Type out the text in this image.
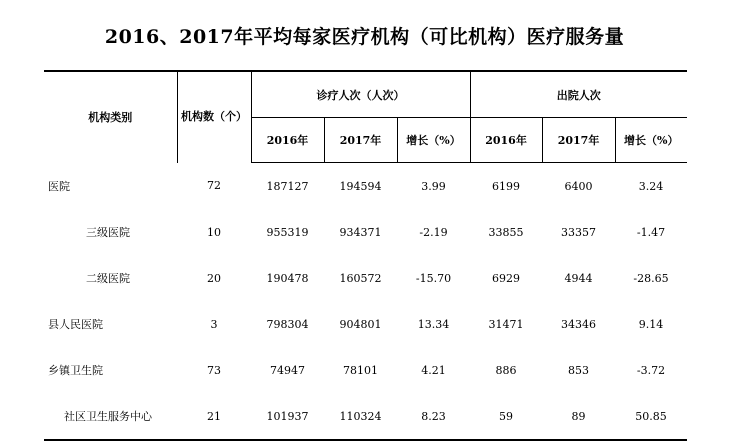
2016、2017年平均每家医疗机构（可比机构）医疗服务量
机构类别	机构数（个）	诊疗人次（人次）			出院人次		
		2016年	2017年	增长（%）	2016年	2017年	增长（%）
医院	72	187127	194594	3.99	6199	6400	3.24
三级医院	10	955319	934371	-2.19	33855	33357	-1.47
二级医院	20	190478	160572	-15.70	6929	4944	-28.65
县人民医院	3	798304	904801	13.34	31471	34346	9.14
乡镇卫生院	73	74947	78101	4.21	886	853	-3.72
社区卫生服务中心	21	101937	110324	8.23	59	89	50.85
